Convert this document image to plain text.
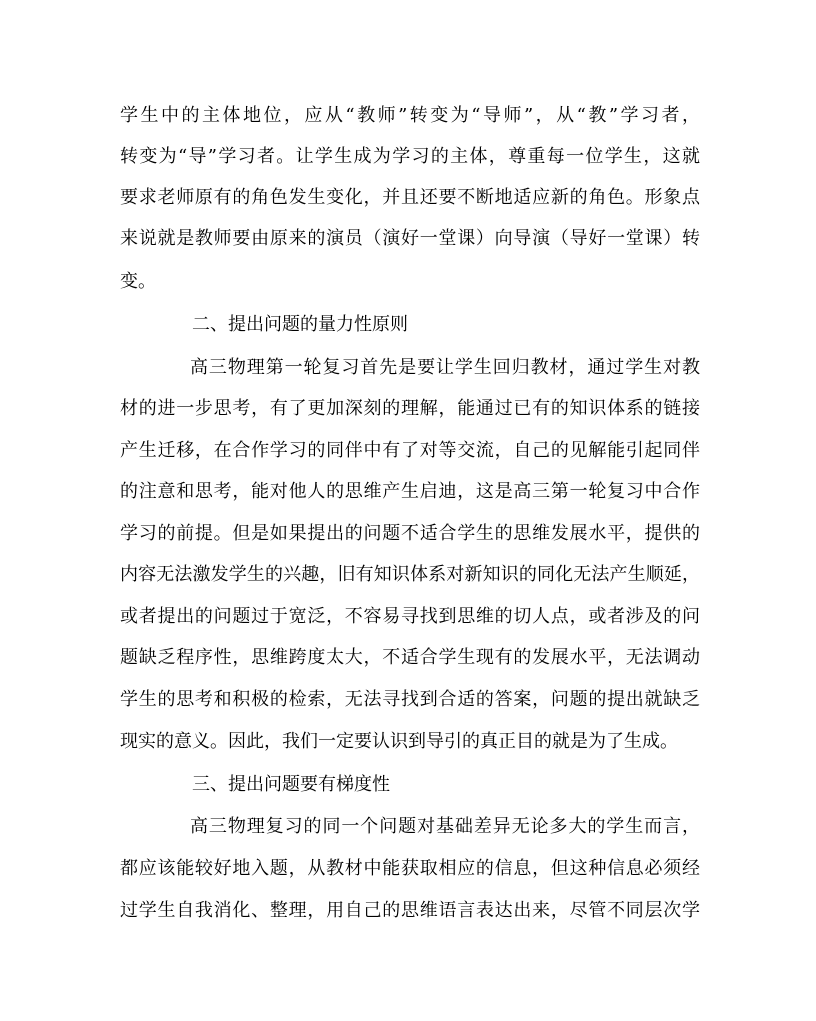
学生中的主体地位，应从“教师”转变为“导师”，从“教”学习者，
转变为“导”学习者。让学生成为学习的主体，尊重每一位学生，这就
要求老师原有的角色发生变化，并且还要不断地适应新的角色。形象点
来说就是教师要由原来的演员（演好一堂课）向导演（导好一堂课）转
变。
二、提出问题的量力性原则
高三物理第一轮复习首先是要让学生回归教材，通过学生对教
材的进一步思考，有了更加深刻的理解，能通过已有的知识体系的链接
产生迁移，在合作学习的同伴中有了对等交流，自己的见解能引起同伴
的注意和思考，能对他人的思维产生启迪，这是高三第一轮复习中合作
学习的前提。但是如果提出的问题不适合学生的思维发展水平，提供的
内容无法激发学生的兴趣，旧有知识体系对新知识的同化无法产生顺延，
或者提出的问题过于宽泛，不容易寻找到思维的切人点，或者涉及的问
题缺乏程序性，思维跨度太大，不适合学生现有的发展水平，无法调动
学生的思考和积极的检索，无法寻找到合适的答案，问题的提出就缺乏
现实的意义。因此，我们一定要认识到导引的真正目的就是为了生成。
三、提出问题要有梯度性
高三物理复习的同一个问题对基础差异无论多大的学生而言，
都应该能较好地入题，从教材中能获取相应的信息，但这种信息必须经
过学生自我消化、整理，用自己的思维语言表达出来，尽管不同层次学
